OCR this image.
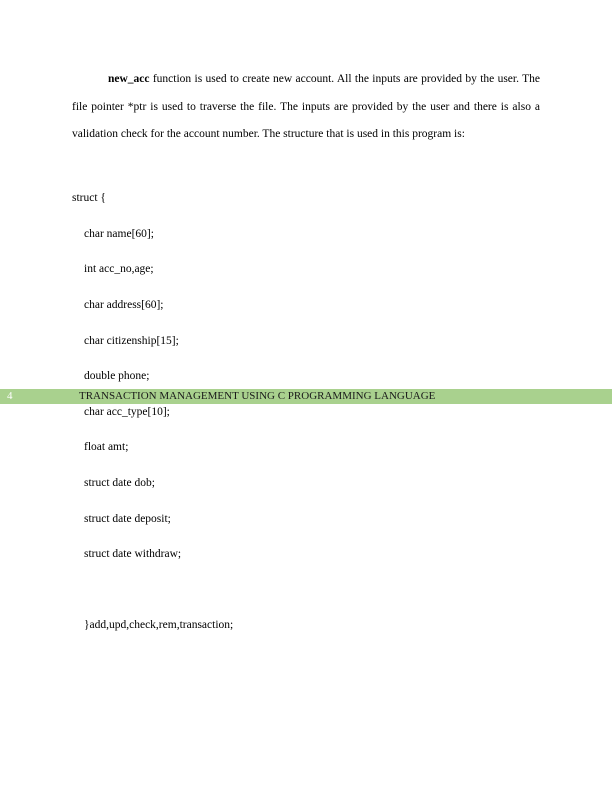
new_acc function is used to create new account. All the inputs are provided by the user. The file pointer *ptr is used to traverse the file. The inputs are provided by the user and there is also a validation check for the account number. The structure that is used in this program is:
struct {
char name[60];
int acc_no,age;
char address[60];
char citizenship[15];
double phone;
4	TRANSACTION MANAGEMENT USING C PROGRAMMING LANGUAGE
char acc_type[10];
float amt;
struct date dob;
struct date deposit;
struct date withdraw;
}add,upd,check,rem,transaction;
